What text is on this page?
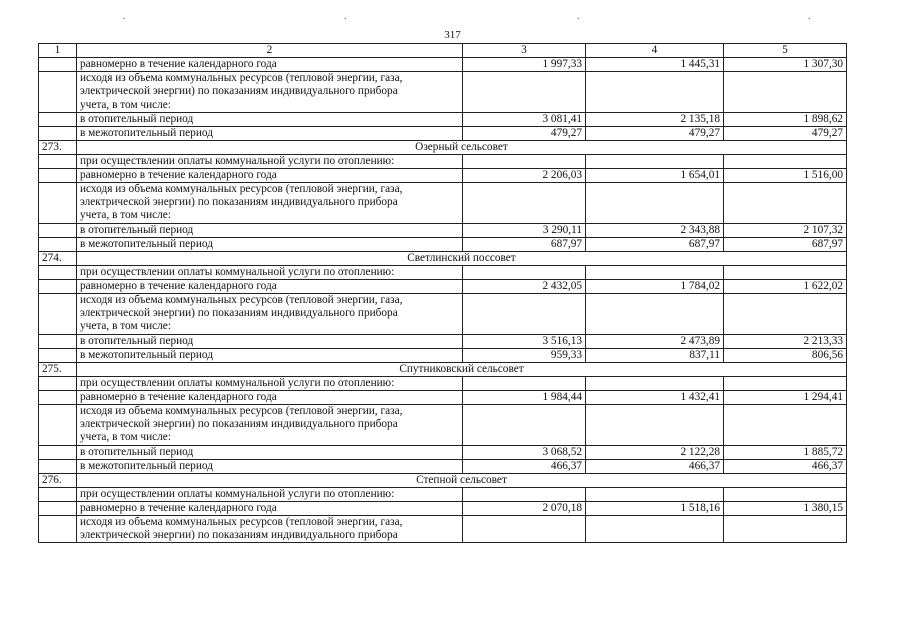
.	.	.	.
317
1	2	3	4	5
	равномерно в течение календарного года	1 997,33	1 445,31	1 307,30

	исходя из объема коммунальных ресурсов (тепловой энергии, газа,
электрической энергии) по показаниям индивидуального прибора
учета, в том числе:			

	в отопительный период	3 081,41	2 135,18	1 898,62
	в межотопительный период	479,27	479,27	479,27
273.	Озерный сельсовет			
	при осуществлении оплаты коммунальной услуги по отоплению:			
	равномерно в течение календарного года	2 206,03	1 654,01	1 516,00

	исходя из объема коммунальных ресурсов (тепловой энергии, газа,
электрической энергии) по показаниям индивидуального прибора
учета, в том числе:			

	в отопительный период	3 290,11	2 343,88	2 107,32
	в межотопительный период	687,97	687,97	687,97
274.	Светлинский поссовет			
	при осуществлении оплаты коммунальной услуги по отоплению:			
	равномерно в течение календарного года	2 432,05	1 784,02	1 622,02

	исходя из объема коммунальных ресурсов (тепловой энергии, газа,
электрической энергии) по показаниям индивидуального прибора
учета, в том числе:			

	в отопительный период	3 516,13	2 473,89	2 213,33
	в межотопительный период	959,33	837,11	806,56
275.	Спутниковский сельсовет			
	при осуществлении оплаты коммунальной услуги по отоплению:			
	равномерно в течение календарного года	1 984,44	1 432,41	1 294,41

	исходя из объема коммунальных ресурсов (тепловой энергии, газа,
электрической энергии) по показаниям индивидуального прибора
учета, в том числе:			

	в отопительный период	3 068,52	2 122,28	1 885,72
	в межотопительный период	466,37	466,37	466,37
276.	Степной сельсовет			
	при осуществлении оплаты коммунальной услуги по отоплению:			
	равномерно в течение календарного года	2 070,18	1 518,16	1 380,15

	исходя из объема коммунальных ресурсов (тепловой энергии, газа,
электрической энергии) по показаниям индивидуального прибора			
